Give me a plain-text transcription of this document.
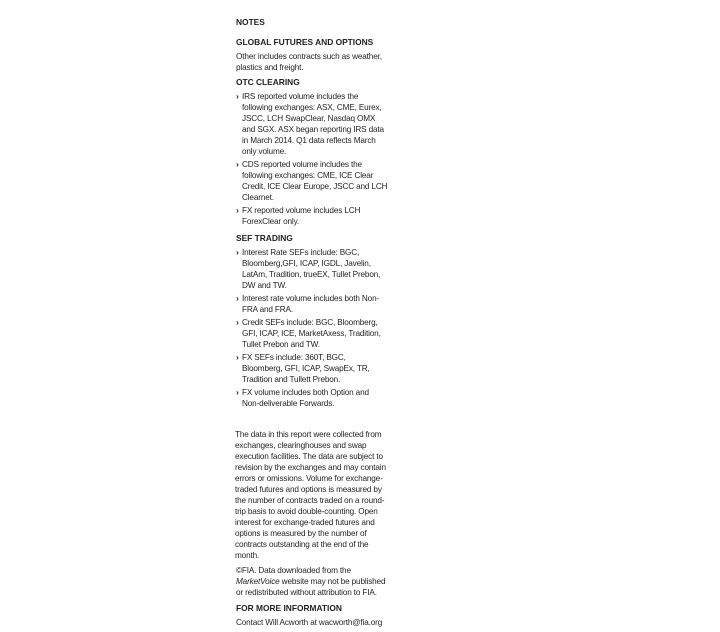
NOTES
GLOBAL FUTURES AND OPTIONS
Other includes contracts such as weather, plastics and freight.
OTC CLEARING
› IRS reported volume includes the following exchanges: ASX, CME, Eurex, JSCC, LCH SwapClear, Nasdaq OMX and SGX. ASX began reporting IRS data in March 2014. Q1 data reflects March only volume.
› CDS reported volume includes the following exchanges: CME, ICE Clear Credit, ICE Clear Europe, JSCC and LCH Clearnet.
› FX reported volume includes LCH ForexClear only.
SEF TRADING
› Interest Rate SEFs include: BGC, Bloomberg,GFI, ICAP, IGDL, Javelin, LatAm, Tradition, trueEX, Tullet Prebon, DW and TW.
› Interest rate volume includes both Non-FRA and FRA.
› Credit SEFs include: BGC, Bloomberg, GFI, ICAP, ICE, MarketAxess, Tradition, Tullet Prebon and TW.
› FX SEFs include: 360T, BGC, Bloomberg, GFI, ICAP, SwapEx, TR, Tradition and Tullett Prebon.
› FX volume includes both Option and Non-deliverable Forwards.
The data in this report were collected from exchanges, clearinghouses and swap execution facilities. The data are subject to revision by the exchanges and may contain errors or omissions. Volume for exchange-traded futures and options is measured by the number of contracts traded on a round-trip basis to avoid double-counting. Open interest for exchange-traded futures and options is measured by the number of contracts outstanding at the end of the month.
©FIA. Data downloaded from the MarketVoice website may not be published or redistributed without attribution to FIA.
FOR MORE INFORMATION
Contact Will Acworth at wacworth@fia.org
